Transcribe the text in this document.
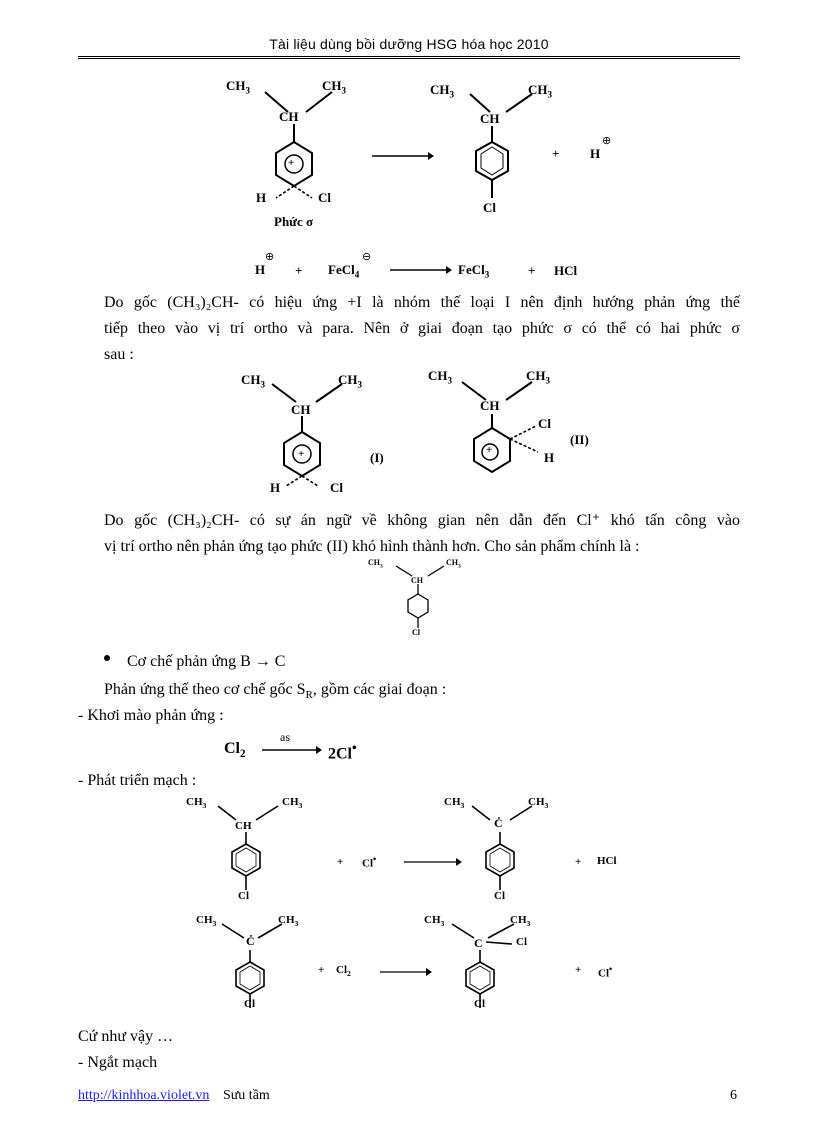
Tài liệu dùng bồi dưỡng HSG hóa học 2010
$CH_3$	$CH_3$
CH
+
H	Cl
Phức σ
$CH_3$	$CH_3$
CH
Cl
+ H
⊕
H
⊕
+ FeCl$_4$
⊖
→ FeCl$_3$	+ HCl
Do gốc (CH₃)₂CH- có hiệu ứng +I là nhóm thế loại I nên định hướng phản ứng thế
tiếp theo vào vị trí ortho và para. Nên ở giai đoạn tạo phức σ có thể có hai phức σ
sau :
$CH_3$	$CH_3$
CH
+
H	Cl
(I)
$CH_3$	$CH_3$
CH
+
Cl
H
(II)
Do gốc (CH₃)₂CH- có sự án ngữ về không gian nên dẫn đến Cl⁺ khó tấn công vào
vị trí ortho nên phản ứng tạo phức (II) khó hình thành hơn. Cho sản phẩm chính là :
$CH_3$	$CH_3$
CH
Cl
Cơ chế phản ứng B → C
Phản ứng thế theo cơ chế gốc $S_R$, gồm các giai đoạn :
- Khơi mào phản ứng :
$Cl_2$
as
→ 2Cl•
- Phát triển mạch :
$CH_3$	$CH_3$
CH
Cl
+ Cl•
$CH_3$	$CH_3$
Ċ
Cl
+ HCl
$CH_3$	$CH_3$
Ċ
Cl
+ $Cl_2$
$CH_3$	$CH_3$
C	Cl
Cl
+ Cl•
Cứ như vậy …
- Ngắt mạch
http://kinhhoa.violet.vn Sưu tầm	6
